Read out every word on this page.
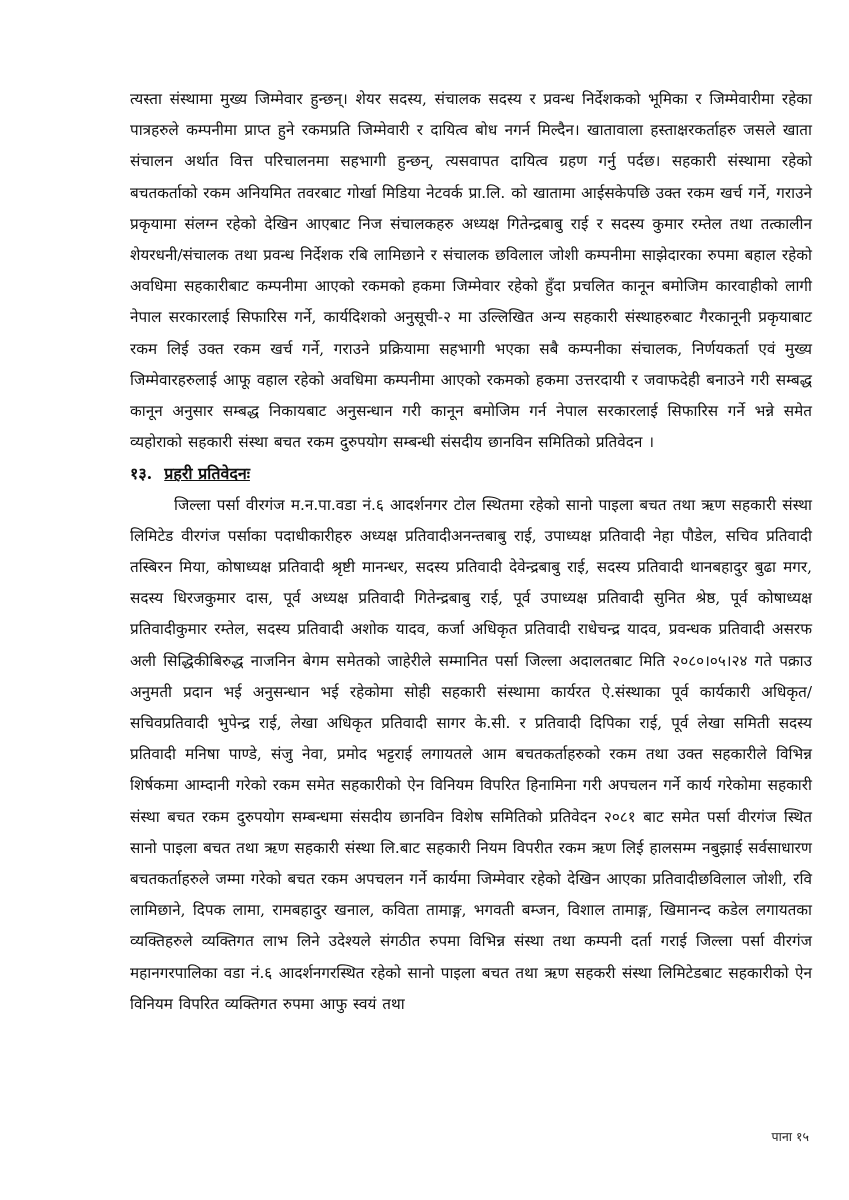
त्यस्ता संस्थामा मुख्य जिम्मेवार हुन्छन्। शेयर सदस्य, संचालक सदस्य र प्रवन्ध निर्देशकको भूमिका र जिम्मेवारीमा रहेका पात्रहरुले कम्पनीमा प्राप्त हुने रकमप्रति जिम्मेवारी र दायित्व बोध नगर्न मिल्दैन। खातावाला हस्ताक्षरकर्ताहरु जसले खाता संचालन अर्थात वित्त परिचालनमा सहभागी हुन्छन्, त्यसवापत दायित्व ग्रहण गर्नु पर्दछ। सहकारी संस्थामा रहेको बचतकर्ताको रकम अनियमित तवरबाट गोर्खा मिडिया नेटवर्क प्रा.लि. को खातामा आईसकेपछि उक्त रकम खर्च गर्ने, गराउने प्रकृयामा संलग्न रहेको देखिन आएबाट निज संचालकहरु अध्यक्ष गितेन्द्रबाबु राई र सदस्य कुमार रम्तेल तथा तत्कालीन शेयरधनी/संचालक तथा प्रवन्ध निर्देशक रबि लामिछाने र संचालक छविलाल जोशी कम्पनीमा साझेदारका रुपमा बहाल रहेको अवधिमा सहकारीबाट कम्पनीमा आएको रकमको हकमा जिम्मेवार रहेको हुँदा प्रचलित कानून बमोजिम कारवाहीको लागी नेपाल सरकारलाई सिफारिस गर्ने, कार्यदिशको अनुसूची-२ मा उल्लिखित अन्य सहकारी संस्थाहरुबाट गैरकानूनी प्रकृयाबाट रकम लिई उक्त रकम खर्च गर्ने, गराउने प्रक्रियामा सहभागी भएका सबै कम्पनीका संचालक, निर्णयकर्ता एवं मुख्य जिम्मेवारहरुलाई आफू वहाल रहेको अवधिमा कम्पनीमा आएको रकमको हकमा उत्तरदायी र जवाफदेही बनाउने गरी सम्बद्ध कानून अनुसार सम्बद्ध निकायबाट अनुसन्धान गरी कानून बमोजिम गर्न नेपाल सरकारलाई सिफारिस गर्ने भन्ने समेत व्यहोराको सहकारी संस्था बचत रकम दुरुपयोग सम्बन्धी संसदीय छानविन समितिको प्रतिवेदन ।

१३. प्रहरी प्रतिवेदनः

जिल्ला पर्सा वीरगंज म.न.पा.वडा नं.६ आदर्शनगर टोल स्थितमा रहेको सानो पाइला बचत तथा ऋण सहकारी संस्था लिमिटेड वीरगंज पर्साका पदाधीकारीहरु अध्यक्ष प्रतिवादीअनन्तबाबु राई, उपाध्यक्ष प्रतिवादी नेहा पौडेल, सचिव प्रतिवादी तस्बिरन मिया, कोषाध्यक्ष प्रतिवादी श्रृष्टी मानन्धर, सदस्य प्रतिवादी देवेन्द्रबाबु राई, सदस्य प्रतिवादी थानबहादुर बुढा मगर, सदस्य धिरजकुमार दास, पूर्व अध्यक्ष प्रतिवादी गितेन्द्रबाबु राई, पूर्व उपाध्यक्ष प्रतिवादी सुनित श्रेष्ठ, पूर्व कोषाध्यक्ष प्रतिवादीकुमार रम्तेल, सदस्य प्रतिवादी अशोक यादव, कर्जा अधिकृत प्रतिवादी राधेचन्द्र यादव, प्रवन्धक प्रतिवादी असरफ अली सिद्धिकीबिरुद्ध नाजनिन बेगम समेतको जाहेरीले सम्मानित पर्सा जिल्ला अदालतबाट मिति २०८०।०५।२४ गते पक्राउ अनुमती प्रदान भई अनुसन्धान भई रहेकोमा सोही सहकारी संस्थामा कार्यरत ऐ.संस्थाका पूर्व कार्यकारी अधिकृत/सचिवप्रतिवादी भुपेन्द्र राई, लेखा अधिकृत प्रतिवादी सागर के.सी. र प्रतिवादी दिपिका राई, पूर्व लेखा समिती सदस्य प्रतिवादी मनिषा पाण्डे, संजु नेवा, प्रमोद भट्टराई लगायतले आम बचतकर्ताहरुको रकम तथा उक्त सहकारीले विभिन्न शिर्षकमा आम्दानी गरेको रकम समेत सहकारीको ऐन विनियम विपरित हिनामिना गरी अपचलन गर्ने कार्य गरेकोमा सहकारी संस्था बचत रकम दुरुपयोग सम्बन्धमा संसदीय छानविन विशेष समितिको प्रतिवेदन २०८१ बाट समेत पर्सा वीरगंज स्थित सानो पाइला बचत तथा ऋण सहकारी संस्था लि.बाट सहकारी नियम विपरीत रकम ऋण लिई हालसम्म नबुझाई सर्वसाधारण बचतकर्ताहरुले जम्मा गरेको बचत रकम अपचलन गर्ने कार्यमा जिम्मेवार रहेको देखिन आएका प्रतिवादीछविलाल जोशी, रवि लामिछाने, दिपक लामा, रामबहादुर खनाल, कविता तामाङ्ग, भगवती बम्जन, विशाल तामाङ्ग, खिमानन्द कडेल लगायतका व्यक्तिहरुले व्यक्तिगत लाभ लिने उदेश्यले संगठीत रुपमा विभिन्न संस्था तथा कम्पनी दर्ता गराई जिल्ला पर्सा वीरगंज महानगरपालिका वडा नं.६ आदर्शनगरस्थित रहेको सानो पाइला बचत तथा ऋण सहकरी संस्था लिमिटेडबाट सहकारीको ऐन विनियम विपरित व्यक्तिगत रुपमा आफु स्वयं तथा

पाना १५
